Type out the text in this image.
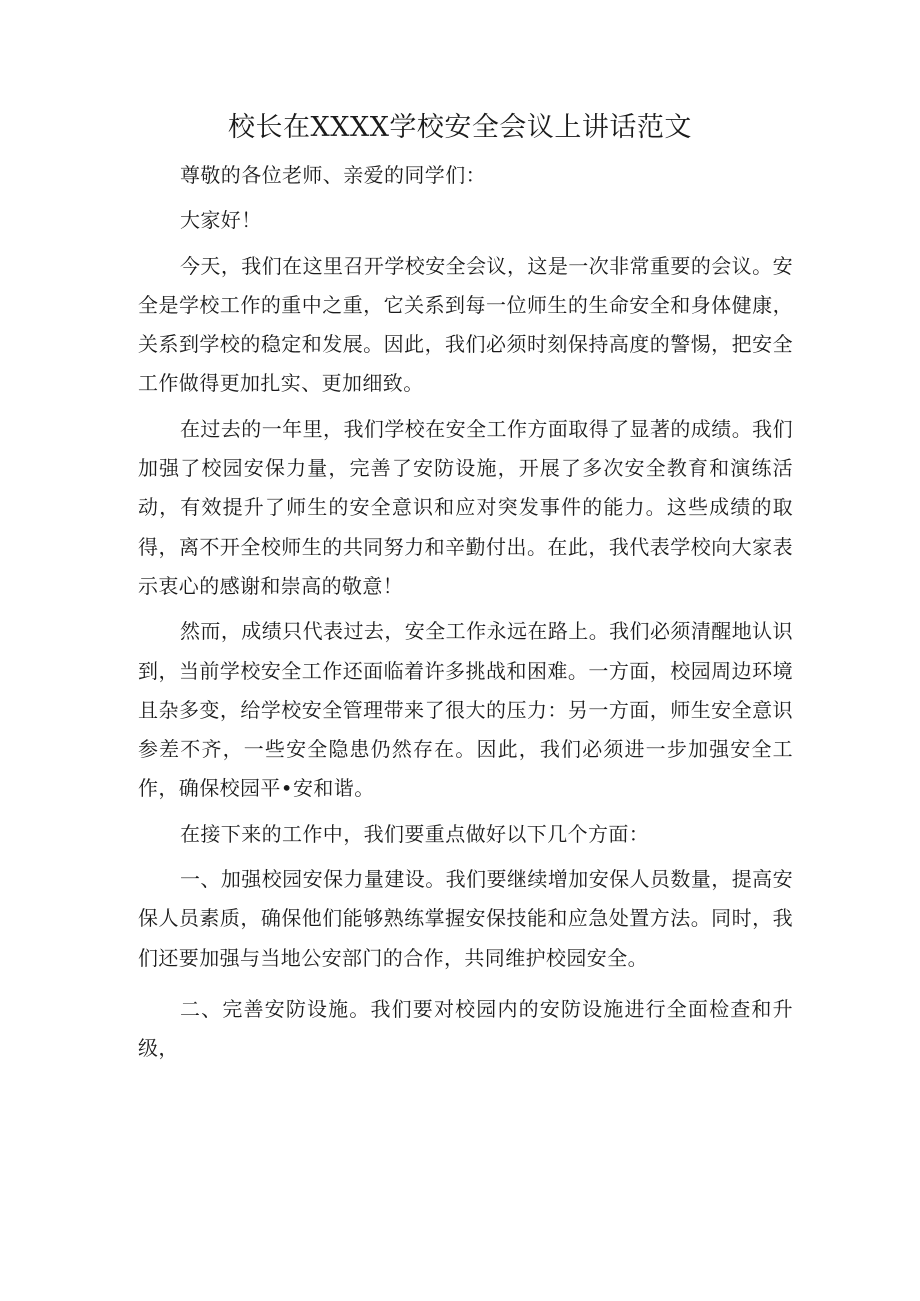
校长在XXXX学校安全会议上讲话范文

尊敬的各位老师、亲爱的同学们：

大家好！

今天，我们在这里召开学校安全会议，这是一次非常重要的会议。安全是学校工作的重中之重，它关系到每一位师生的生命安全和身体健康，关系到学校的稳定和发展。因此，我们必须时刻保持高度的警惕，把安全工作做得更加扎实、更加细致。

在过去的一年里，我们学校在安全工作方面取得了显著的成绩。我们加强了校园安保力量，完善了安防设施，开展了多次安全教育和演练活动，有效提升了师生的安全意识和应对突发事件的能力。这些成绩的取得，离不开全校师生的共同努力和辛勤付出。在此，我代表学校向大家表示衷心的感谢和崇高的敬意！

然而，成绩只代表过去，安全工作永远在路上。我们必须清醒地认识到，当前学校安全工作还面临着许多挑战和困难。一方面，校园周边环境且杂多变，给学校安全管理带来了很大的压力：另一方面，师生安全意识参差不齐，一些安全隐患仍然存在。因此，我们必须进一步加强安全工作，确保校园平•安和谐。

在接下来的工作中，我们要重点做好以下几个方面：

一、加强校园安保力量建设。我们要继续增加安保人员数量，提高安保人员素质，确保他们能够熟练掌握安保技能和应急处置方法。同时，我们还要加强与当地公安部门的合作，共同维护校园安全。

二、完善安防设施。我们要对校园内的安防设施进行全面检查和升级，
